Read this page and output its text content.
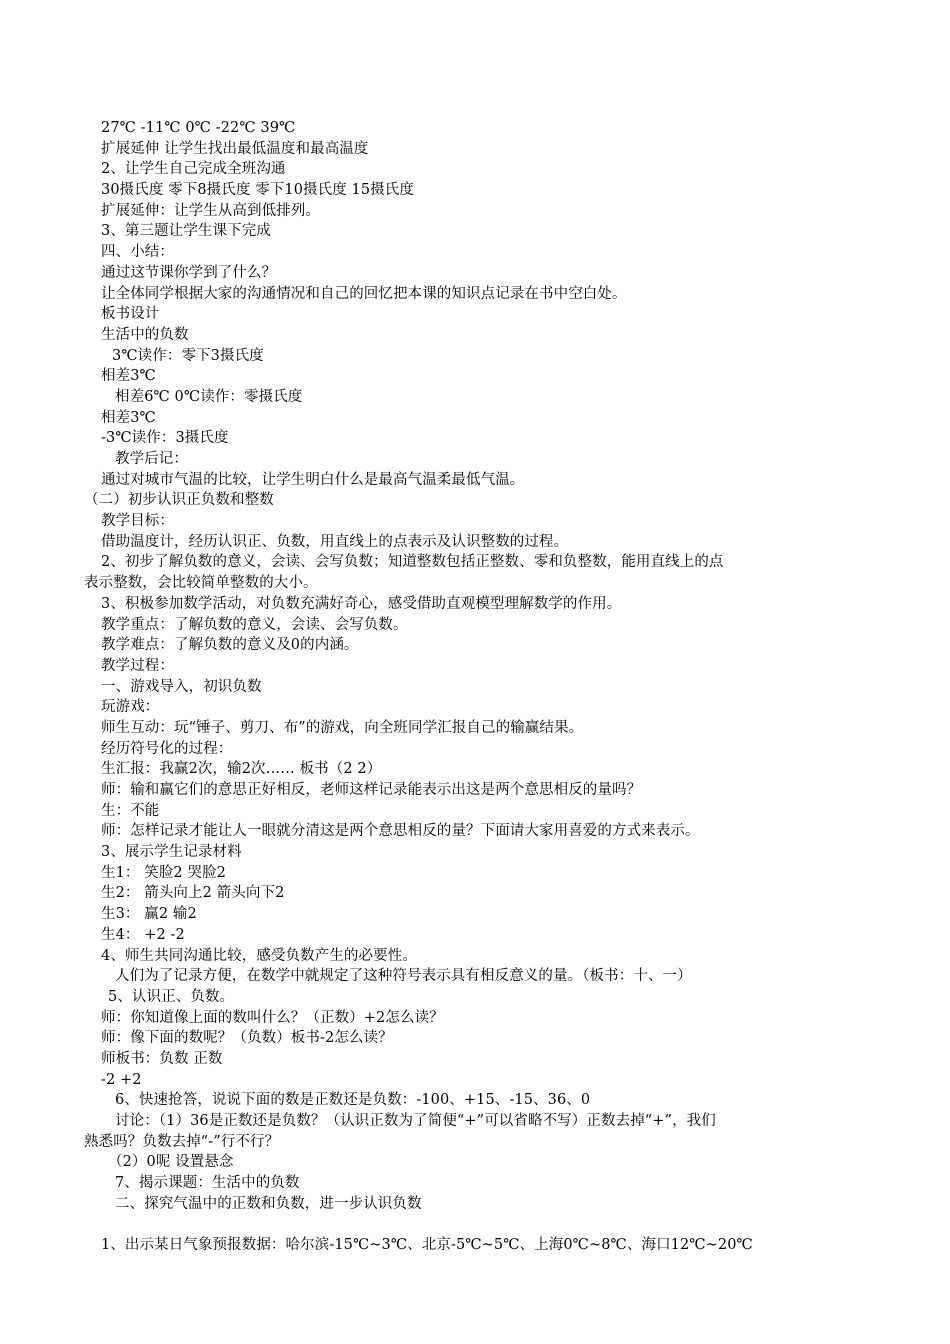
27℃ -11℃ 0℃ -22℃ 39℃
扩展延伸 让学生找出最低温度和最高温度
2、让学生自己完成全班沟通
30摄氏度 零下8摄氏度 零下10摄氏度 15摄氏度
扩展延伸：让学生从高到低排列。
3、第三题让学生课下完成
四、小结：
通过这节课你学到了什么？
让全体同学根据大家的沟通情况和自己的回忆把本课的知识点记录在书中空白处。
板书设计
生活中的负数
3℃读作：零下3摄氏度
相差3℃
相差6℃ 0℃读作：零摄氏度
相差3℃
-3℃读作：3摄氏度
教学后记：
通过对城市气温的比较，让学生明白什么是最高气温柔最低气温。
（二）初步认识正负数和整数
教学目标：
借助温度计，经历认识正、负数，用直线上的点表示及认识整数的过程。
2、初步了解负数的意义，会读、会写负数；知道整数包括正整数、零和负整数，能用直线上的点
表示整数，会比较简单整数的大小。
3、积极参加数学活动，对负数充满好奇心，感受借助直观模型理解数学的作用。
教学重点：了解负数的意义，会读、会写负数。
教学难点：了解负数的意义及0的内涵。
教学过程：
一、游戏导入，初识负数
玩游戏：
师生互动：玩“锤子、剪刀、布”的游戏，向全班同学汇报自己的输赢结果。
经历符号化的过程：
生汇报：我赢2次，输2次…… 板书（2 2）
师：输和赢它们的意思正好相反，老师这样记录能表示出这是两个意思相反的量吗？
生：不能
师：怎样记录才能让人一眼就分清这是两个意思相反的量？下面请大家用喜爱的方式来表示。
3、展示学生记录材料
生1： 笑脸2 哭脸2
生2： 箭头向上2 箭头向下2
生3： 赢2 输2
生4： +2 -2
4、师生共同沟通比较，感受负数产生的必要性。
人们为了记录方便，在数学中就规定了这种符号表示具有相反意义的量。（板书：十、一）
5、认识正、负数。
师：你知道像上面的数叫什么？（正数）+2怎么读？
师：像下面的数呢？（负数）板书-2怎么读？
师板书：负数 正数
-2 +2
6、快速抢答，说说下面的数是正数还是负数：-100、+15、-15、36、0
讨论：（1）36是正数还是负数？（认识正数为了简便“+”可以省略不写）正数去掉“+”，我们
熟悉吗？负数去掉“-”行不行？
（2）0呢 设置悬念
7、揭示课题：生活中的负数
二、探究气温中的正数和负数，进一步认识负数
1、出示某日气象预报数据：哈尔滨-15℃~3℃、北京-5℃~5℃、上海0℃~8℃、海口12℃~20℃
